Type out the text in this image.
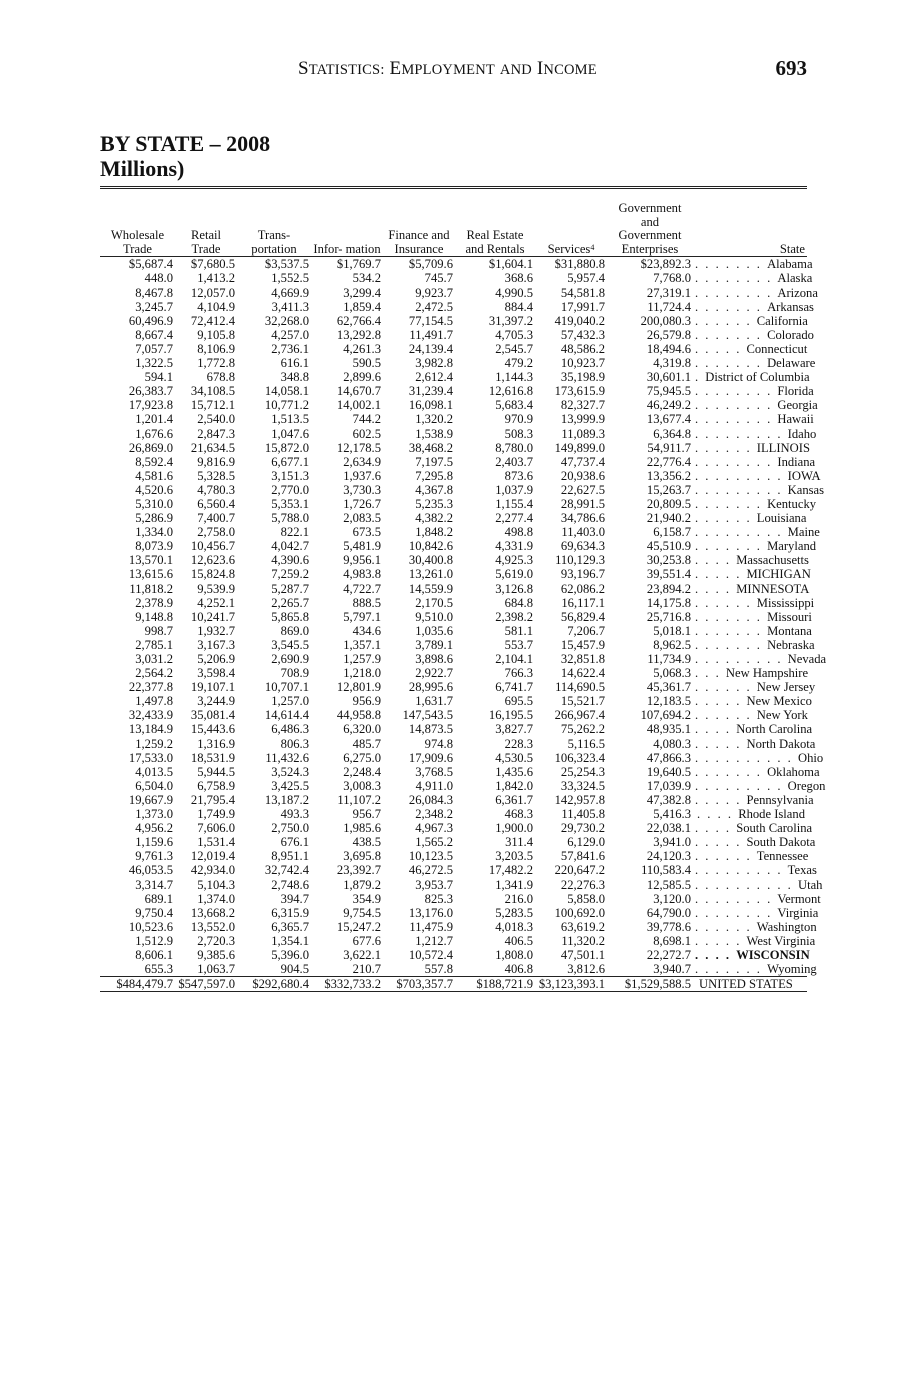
STATISTICS: EMPLOYMENT AND INCOME	693
BY STATE – 2008
Millions)
Wholesale Trade	Retail Trade	Trans- portation	Infor- mation	Finance and Insurance	Real Estate and Rentals	Services$^4$	Government and Government Enterprises	State
$5,687.4	$7,680.5	$3,537.5	$1,769.7	$5,709.6	$1,604.1	$31,880.8	$23,892.3	. . . . . . . Alabama
448.0	1,413.2	1,552.5	534.2	745.7	368.6	5,957.4	7,768.0	. . . . . . . . Alaska
8,467.8	12,057.0	4,669.9	3,299.4	9,923.7	4,990.5	54,581.8	27,319.1	. . . . . . . . Arizona
3,245.7	4,104.9	3,411.3	1,859.4	2,472.5	884.4	17,991.7	11,724.4	. . . . . . . Arkansas
60,496.9	72,412.4	32,268.0	62,766.4	77,154.5	31,397.2	419,040.2	200,080.3	. . . . . . California
8,667.4	9,105.8	4,257.0	13,292.8	11,491.7	4,705.3	57,432.3	26,579.8	. . . . . . . Colorado
7,057.7	8,106.9	2,736.1	4,261.3	24,139.4	2,545.7	48,586.2	18,494.6	. . . . . Connecticut
1,322.5	1,772.8	616.1	590.5	3,982.8	479.2	10,923.7	4,319.8	. . . . . . . Delaware
594.1	678.8	348.8	2,899.6	2,612.4	1,144.3	35,198.9	30,601.1	. District of Columbia
26,383.7	34,108.5	14,058.1	14,670.7	31,239.4	12,616.8	173,615.9	75,945.5	. . . . . . . . Florida
17,923.8	15,712.1	10,771.2	14,002.1	16,098.1	5,683.4	82,327.7	46,249.2	. . . . . . . . Georgia
1,201.4	2,540.0	1,513.5	744.2	1,320.2	970.9	13,999.9	13,677.4	. . . . . . . . Hawaii
1,676.6	2,847.3	1,047.6	602.5	1,538.9	508.3	11,089.3	6,364.8	. . . . . . . . . Idaho
26,869.0	21,634.5	15,872.0	12,178.5	38,468.2	8,780.0	149,899.0	54,911.7	. . . . . . ILLINOIS
8,592.4	9,816.9	6,677.1	2,634.9	7,197.5	2,403.7	47,737.4	22,776.4	. . . . . . . . Indiana
4,581.6	5,328.5	3,151.3	1,937.6	7,295.8	873.6	20,938.6	13,356.2	. . . . . . . . . IOWA
4,520.6	4,780.3	2,770.0	3,730.3	4,367.8	1,037.9	22,627.5	15,263.7	. . . . . . . . . Kansas
5,310.0	6,560.4	5,353.1	1,726.7	5,235.3	1,155.4	28,991.5	20,809.5	. . . . . . . Kentucky
5,286.9	7,400.7	5,788.0	2,083.5	4,382.2	2,277.4	34,786.6	21,940.2	. . . . . . Louisiana
1,334.0	2,758.0	822.1	673.5	1,848.2	498.8	11,403.0	6,158.7	. . . . . . . . . Maine
8,073.9	10,456.7	4,042.7	5,481.9	10,842.6	4,331.9	69,634.3	45,510.9	. . . . . . . Maryland
13,570.1	12,623.6	4,390.6	9,956.1	30,400.8	4,925.3	110,129.3	30,253.8	. . . . Massachusetts
13,615.6	15,824.8	7,259.2	4,983.8	13,261.0	5,619.0	93,196.7	39,551.4	. . . . . MICHIGAN
11,818.2	9,539.9	5,287.7	4,722.7	14,559.9	3,126.8	62,086.2	23,894.2	. . . . MINNESOTA
2,378.9	4,252.1	2,265.7	888.5	2,170.5	684.8	16,117.1	14,175.8	. . . . . . Mississippi
9,148.8	10,241.7	5,865.8	5,797.1	9,510.0	2,398.2	56,829.4	25,716.8	. . . . . . . Missouri
998.7	1,932.7	869.0	434.6	1,035.6	581.1	7,206.7	5,018.1	. . . . . . . Montana
2,785.1	3,167.3	3,545.5	1,357.1	3,789.1	553.7	15,457.9	8,962.5	. . . . . . . Nebraska
3,031.2	5,206.9	2,690.9	1,257.9	3,898.6	2,104.1	32,851.8	11,734.9	. . . . . . . . . Nevada
2,564.2	3,598.4	708.9	1,218.0	2,922.7	766.3	14,622.4	5,068.3	. . . New Hampshire
22,377.8	19,107.1	10,707.1	12,801.9	28,995.6	6,741.7	114,690.5	45,361.7	. . . . . . New Jersey
1,497.8	3,244.9	1,257.0	956.9	1,631.7	695.5	15,521.7	12,183.5	. . . . . New Mexico
32,433.9	35,081.4	14,614.4	44,958.8	147,543.5	16,195.5	266,967.4	107,694.2	. . . . . . New York
13,184.9	15,443.6	6,486.3	6,320.0	14,873.5	3,827.7	75,262.2	48,935.1	. . . . North Carolina
1,259.2	1,316.9	806.3	485.7	974.8	228.3	5,116.5	4,080.3	. . . . . North Dakota
17,533.0	18,531.9	11,432.6	6,275.0	17,909.6	4,530.5	106,323.4	47,866.3	. . . . . . . . . . Ohio
4,013.5	5,944.5	3,524.3	2,248.4	3,768.5	1,435.6	25,254.3	19,640.5	. . . . . . . Oklahoma
6,504.0	6,758.9	3,425.5	3,008.3	4,911.0	1,842.0	33,324.5	17,039.9	. . . . . . . . . Oregon
19,667.9	21,795.4	13,187.2	11,107.2	26,084.3	6,361.7	142,957.8	47,382.8	. . . . . Pennsylvania
1,373.0	1,749.9	493.3	956.7	2,348.2	468.3	11,405.8	5,416.3	. . . . Rhode Island
4,956.2	7,606.0	2,750.0	1,985.6	4,967.3	1,900.0	29,730.2	22,038.1	. . . . South Carolina
1,159.6	1,531.4	676.1	438.5	1,565.2	311.4	6,129.0	3,941.0	. . . . . South Dakota
9,761.3	12,019.4	8,951.1	3,695.8	10,123.5	3,203.5	57,841.6	24,120.3	. . . . . . Tennessee
46,053.5	42,934.0	32,742.4	23,392.7	46,272.5	17,482.2	220,647.2	110,583.4	. . . . . . . . . Texas
3,314.7	5,104.3	2,748.6	1,879.2	3,953.7	1,341.9	22,276.3	12,585.5	. . . . . . . . . . Utah
689.1	1,374.0	394.7	354.9	825.3	216.0	5,858.0	3,120.0	. . . . . . . . Vermont
9,750.4	13,668.2	6,315.9	9,754.5	13,176.0	5,283.5	100,692.0	64,790.0	. . . . . . . . Virginia
10,523.6	13,552.0	6,365.7	15,247.2	11,475.9	4,018.3	63,619.2	39,778.6	. . . . . . Washington
1,512.9	2,720.3	1,354.1	677.6	1,212.7	406.5	11,320.2	8,698.1	. . . . . West Virginia
8,606.1	9,385.6	5,396.0	3,622.1	10,572.4	1,808.0	47,501.1	22,272.7	. . . . WISCONSIN
655.3	1,063.7	904.5	210.7	557.8	406.8	3,812.6	3,940.7	. . . . . . . Wyoming
$484,479.7	$547,597.0	$292,680.4	$332,733.2	$703,357.7	$188,721.9	$3,123,393.1	$1,529,588.5	UNITED STATES
